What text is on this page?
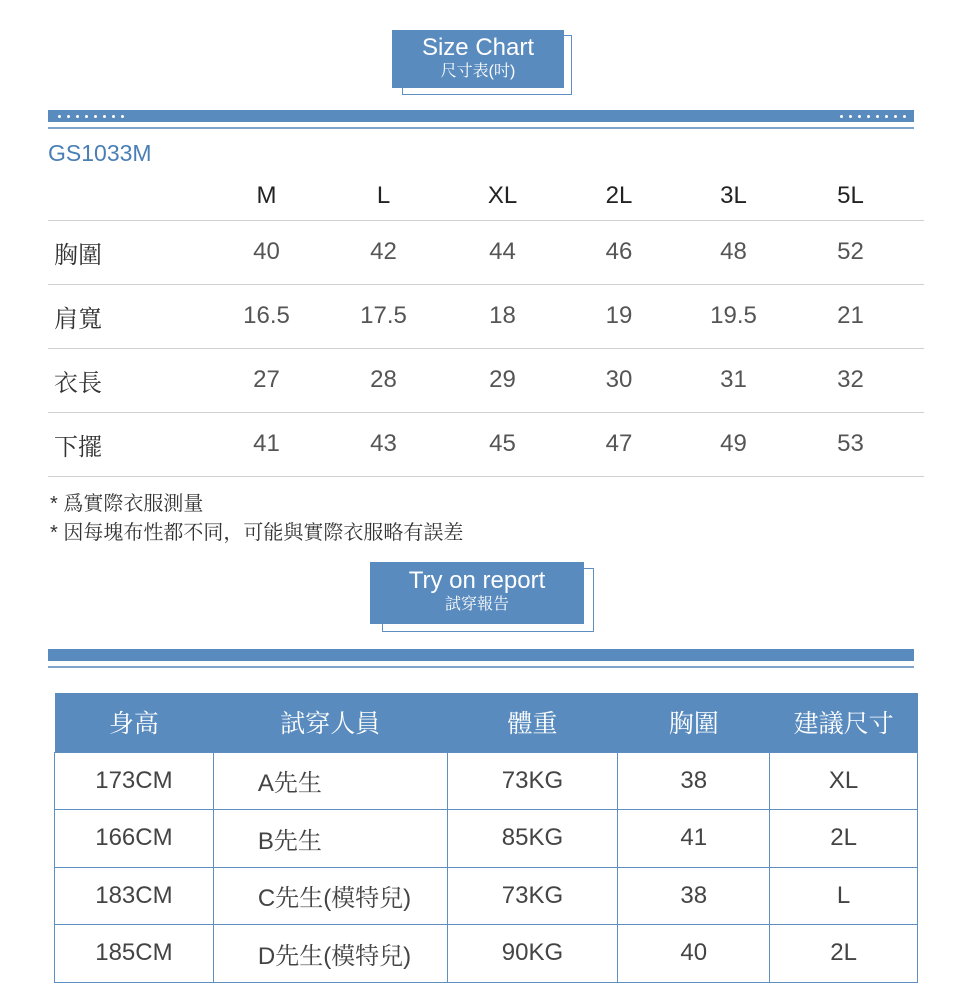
Size Chart
尺寸表(吋)
GS1033M
	M	L	XL	2L	3L	5L	
胸圍	40	42	44	46	48	52	
肩寬	16.5	17.5	18	19	19.5	21	
衣長	27	28	29	30	31	32	
下擺	41	43	45	47	49	53	
* 爲實際衣服測量
* 因每塊布性都不同，可能與實際衣服略有誤差
Try on report
試穿報告
身高	試穿人員	體重	胸圍	建議尺寸
173CM	A先生	73KG	38	XL
166CM	B先生	85KG	41	2L
183CM	C先生(模特兒)	73KG	38	L
185CM	D先生(模特兒)	90KG	40	2L
